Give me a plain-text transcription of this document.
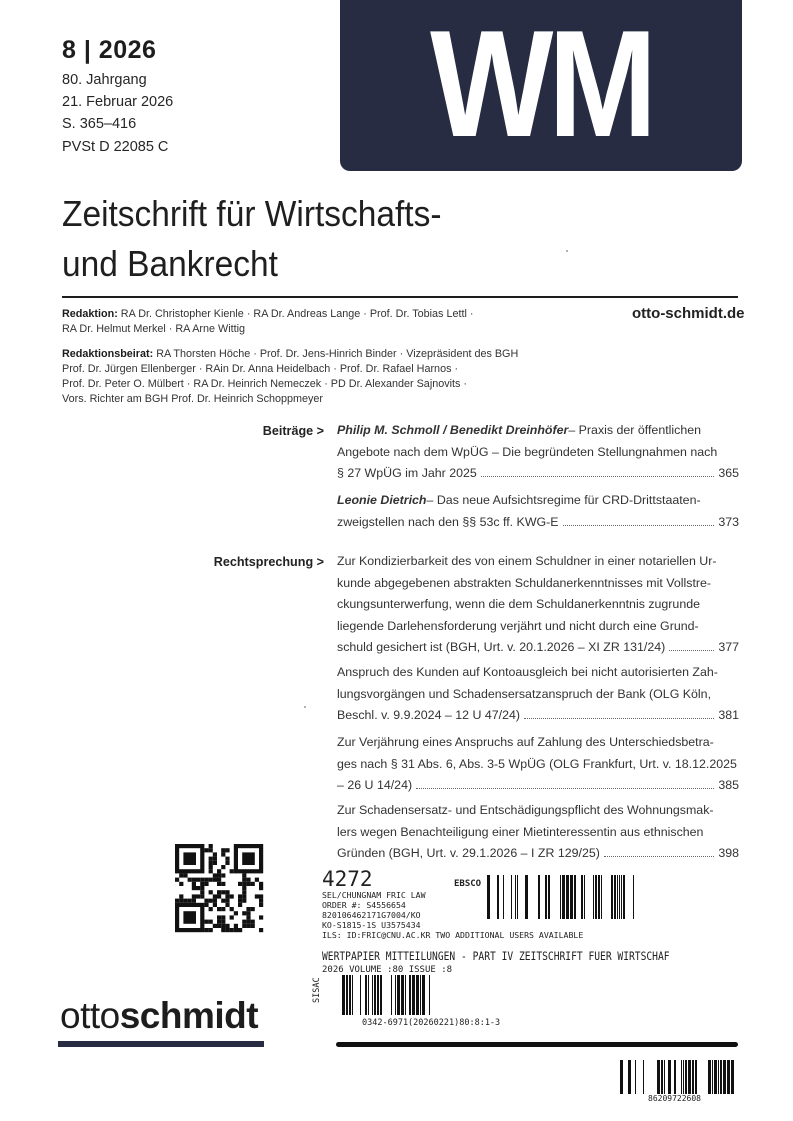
8 | 2026
80. Jahrgang
21. Februar 2026
S. 365–416
PVSt D 22085 C	WM
Zeitschrift für Wirtschafts-
und Bankrecht
Redaktion: RA Dr. Christopher Kienle · RA Dr. Andreas Lange · Prof. Dr. Tobias Lettl ·
RA Dr. Helmut Merkel · RA Arne Wittig
otto-schmidt.de
Redaktionsbeirat: RA Thorsten Höche · Prof. Dr. Jens-Hinrich Binder · Vizepräsident des BGH
Prof. Dr. Jürgen Ellenberger · RAin Dr. Anna Heidelbach · Prof. Dr. Rafael Harnos ·
Prof. Dr. Peter O. Mülbert · RA Dr. Heinrich Nemeczek · PD Dr. Alexander Sajnovits ·
Vors. Richter am BGH Prof. Dr. Heinrich Schoppmeyer
Beiträge > Philip M. Schmoll / Benedikt Dreinhöfer – Praxis der öffentlichen
Angebote nach dem WpÜG – Die begründeten Stellungnahmen nach
§ 27 WpÜG im Jahr 2025	365
Leonie Dietrich – Das neue Aufsichtsregime für CRD-Drittstaaten-
zweigstellen nach den §§ 53c ff. KWG-E	373
Rechtsprechung > Zur Kondizierbarkeit des von einem Schuldner in einer notariellen Ur-
kunde abgegebenen abstrakten Schuldanerkenntnisses mit Vollstre-
ckungsunterwerfung, wenn die dem Schuldanerkenntnis zugrunde
liegende Darlehensforderung verjährt und nicht durch eine Grund-
schuld gesichert ist (BGH, Urt. v. 20.1.2026 – XI ZR 131/24)	377
Anspruch des Kunden auf Kontoausgleich bei nicht autorisierten Zah-
lungsvorgängen und Schadensersatzanspruch der Bank (OLG Köln,
Beschl. v. 9.9.2024 – 12 U 47/24)	381
Zur Verjährung eines Anspruchs auf Zahlung des Unterschiedsbetra-
ges nach § 31 Abs. 6, Abs. 3-5 WpÜG (OLG Frankfurt, Urt. v. 18.12.2025
– 26 U 14/24)	385
Zur Schadensersatz- und Entschädigungspflicht des Wohnungsmak-
lers wegen Benachteiligung einer Mietinteressentin aus ethnischen
Gründen (BGH, Urt. v. 29.1.2026 – I ZR 129/25)	398
ottoschmidt
4272	EBSCO
SEL/CHUNGNAM FRIC LAW
ORDER #: S4556654
820106462171G7004/KO
KO-S1815-1S U3575434
ILS: ID:FRIC@CNU.AC.KR TWO ADDITIONAL USERS AVAILABLE
WERTPAPIER MITTEILUNGEN - PART IV ZEITSCHRIFT FUER WIRTSCHAF
2026 VOLUME :80 ISSUE :8
SISAC
0342-6971(20260221)80:8:1-3
86209722608
